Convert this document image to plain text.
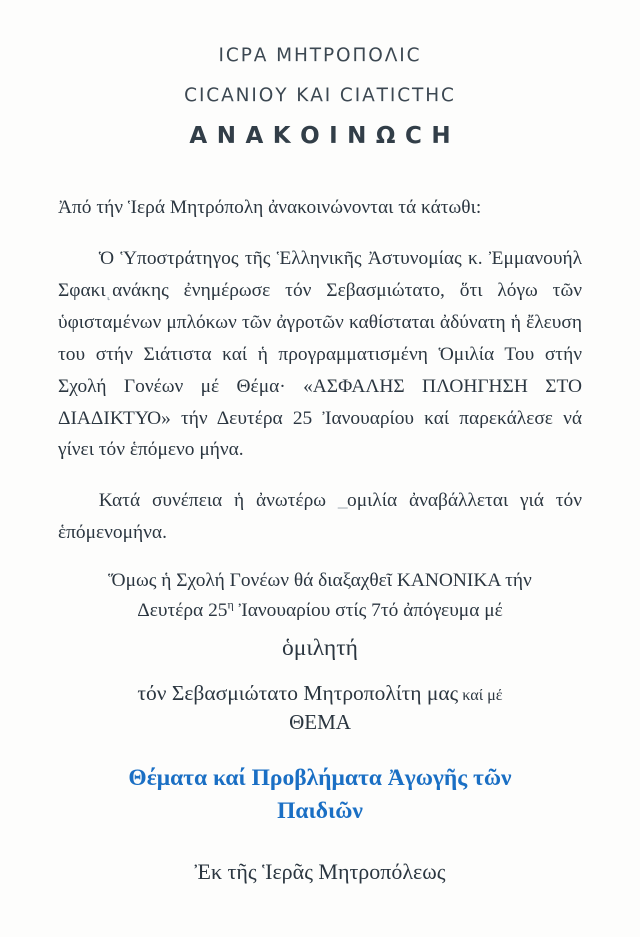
ΙϹΡΑ ΜΗΤΡΟΠΟΛΙϹ
ϹΙϹΑΝΙΟΥ ΚΑΙ ϹΙΑΤΙϹΤΗϹ
ΑΝΑΚΟΙΝΩϹΗ

Ἀπό τήν Ἱερά Μητρόπολη ἀνακοινώνονται τά κάτωθι:

Ὁ Ὑποστράτηγος τῆς Ἑλληνικῆς Ἀστυνομίας κ. Ἐμμανουήλ Σφακιͺανάκης ἐνημέρωσε τόν Σεβασμιώτατο, ὅτι λόγω τῶν ὑφισταμένων μπλόκων τῶν ἀγροτῶν καθίσταται ἀδύνατη ἡ ἔλευση του στήν Σιάτιστα καί ἡ προγραμματισμένη Ὁμιλία Του στήν Σχολή Γονέων μέ Θέμα· «ΑΣΦΑΛΗΣ ΠΛΟΗΓΗΣΗ ΣΤΟ ΔΙΑΔΙΚΤΥΟ» τήν Δευτέρα 25 Ἰανουαρίου καί παρεκάλεσε νά γίνει τόν ἑπόμενο μήνα.

Κατά συνέπεια ἡ ἀνωτέρω _ομιλία ἀναβάλλεται γιά τόν ἑπόμενομήνα.

Ὅμως ἡ Σχολή Γονέων θά διαξαχθεῖ ΚΑΝΟΝΙΚΑ τήν
Δευτέρα $25^\eta$ Ἰανουαρίου στίς 7τό ἀπόγευμα μέ
ὁμιλητή
τόν Σεβασμιώτατο Μητροπολίτη μας καί μέ
ΘΕΜΑ
Θέματα καί Προβλήματα Ἀγωγῆς τῶν
Παιδιῶν
Ἐκ τῆς Ἱερᾶς Μητροπόλεως
